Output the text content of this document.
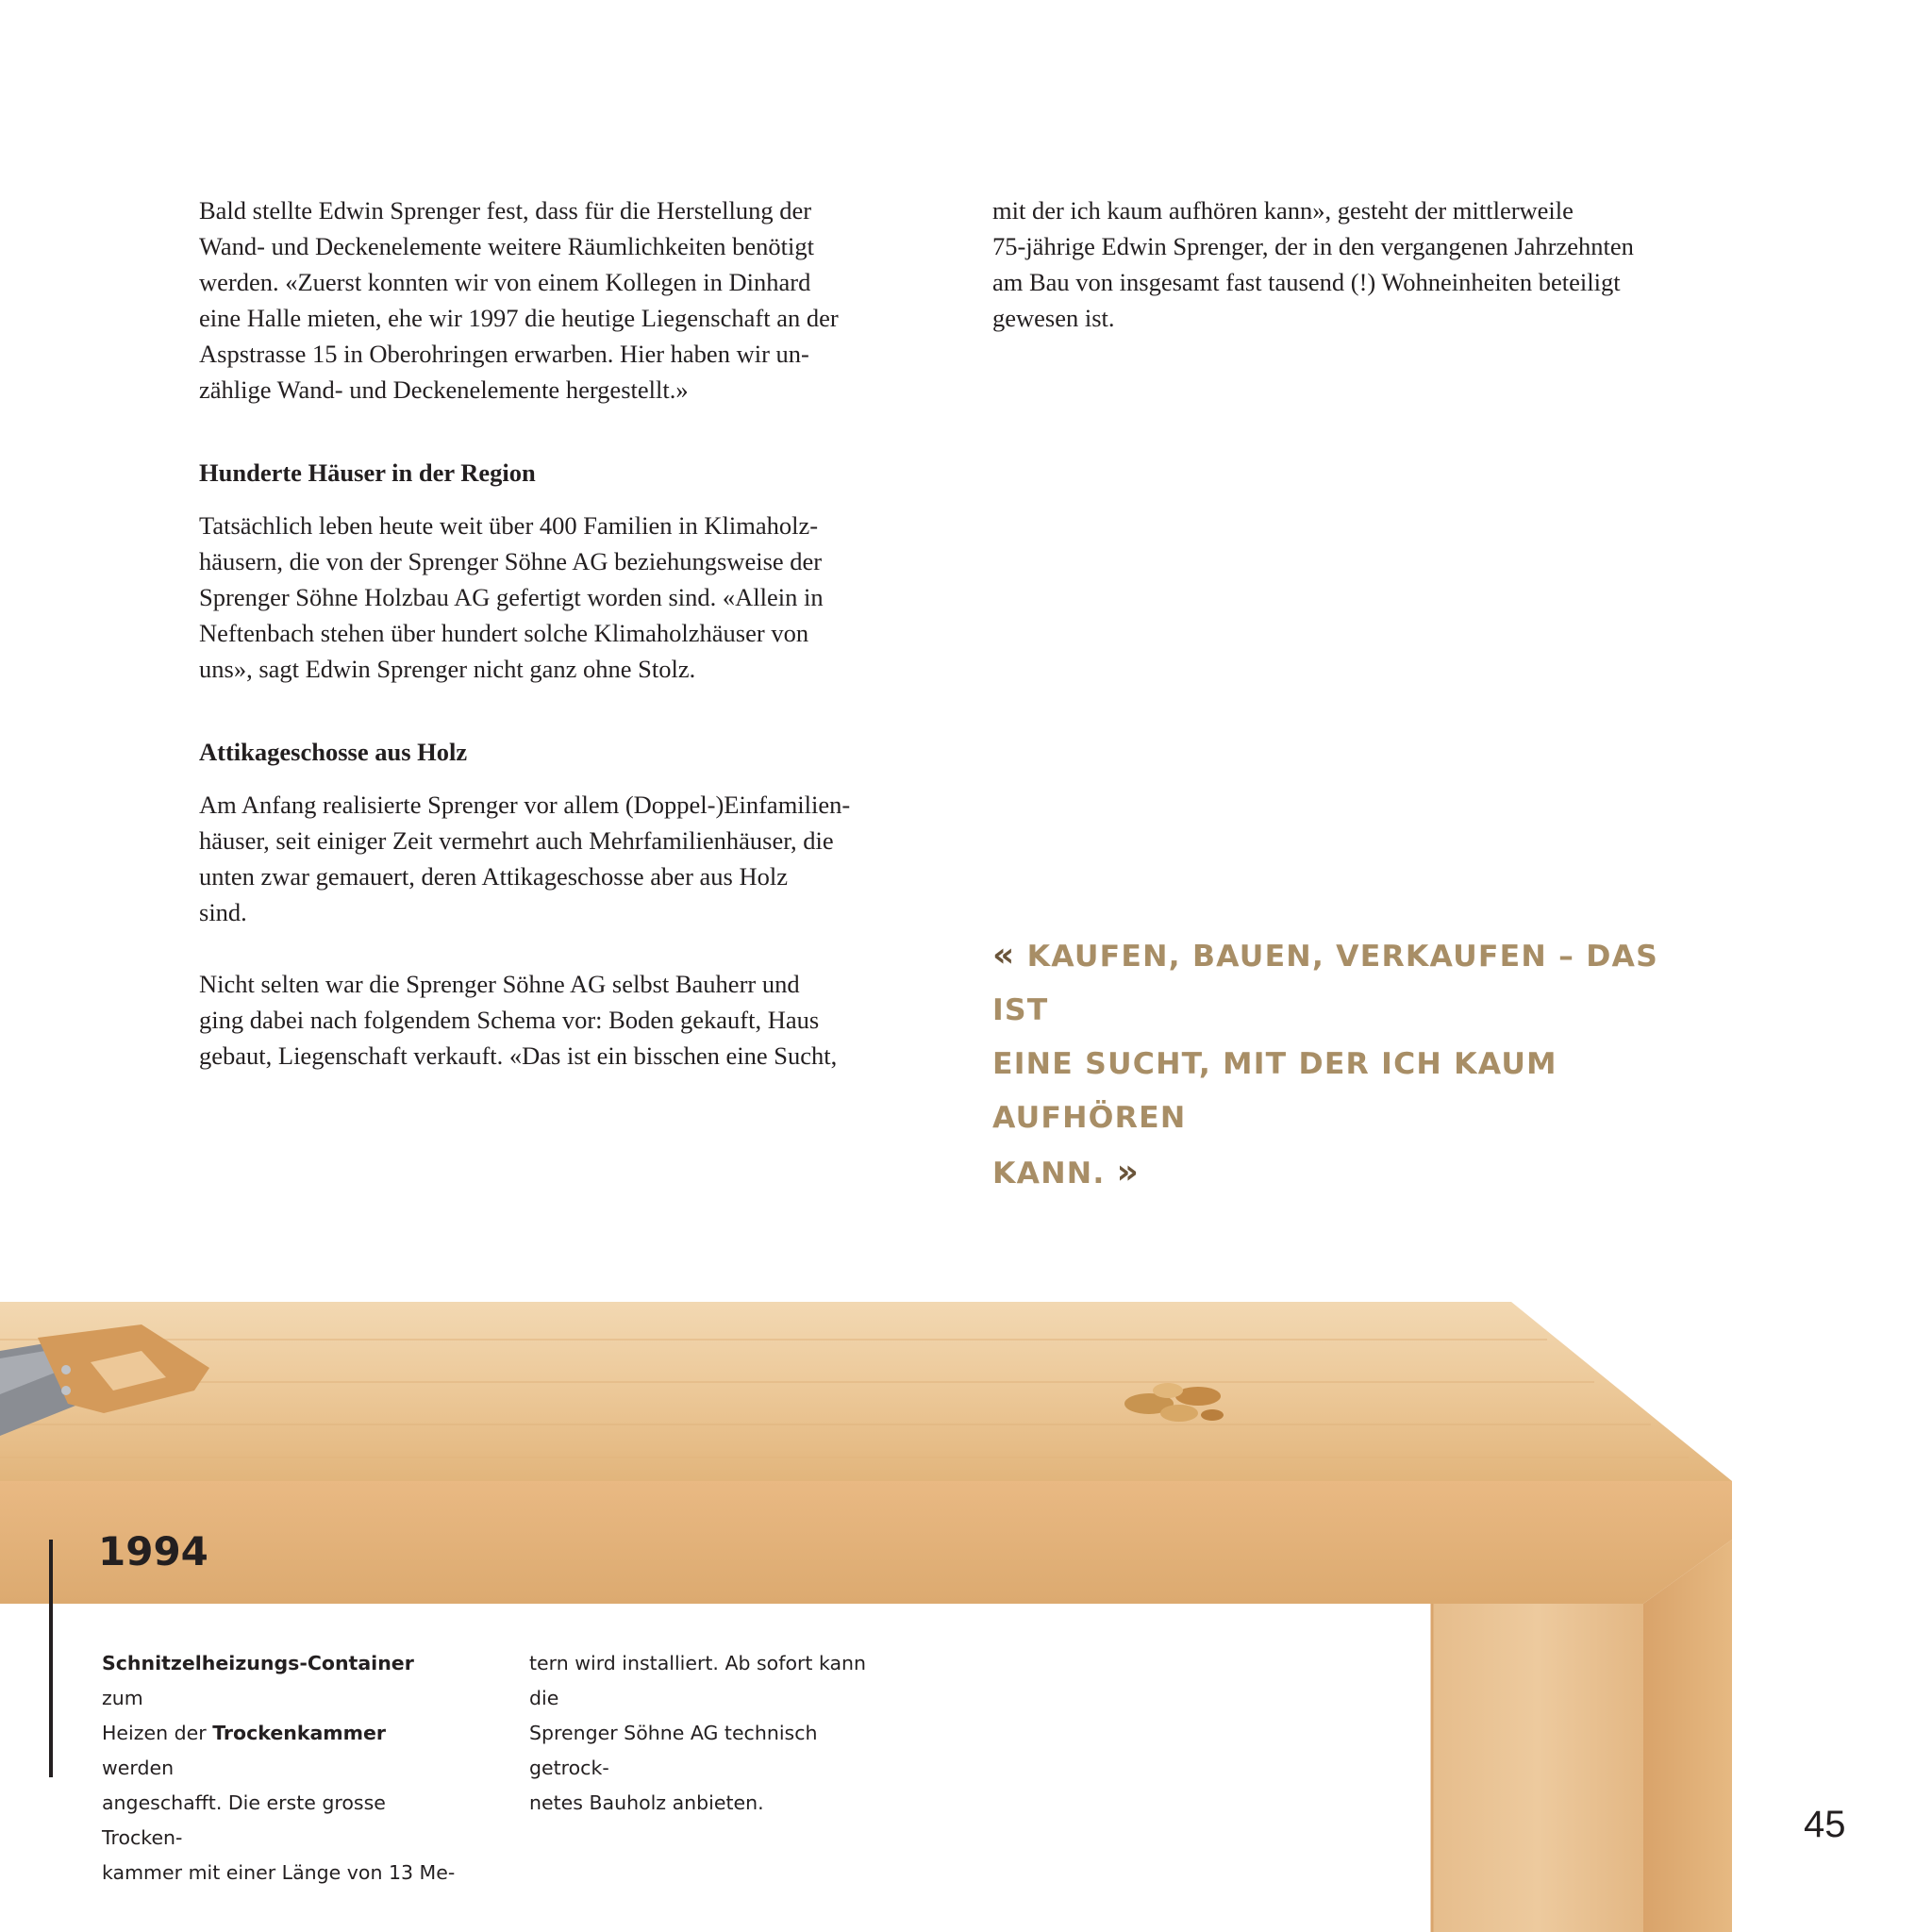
Bald stellte Edwin Sprenger fest, dass für die Herstellung der

Wand- und Deckenelemente weitere Räumlichkeiten benötigt

werden. «Zuerst konnten wir von einem Kollegen in Dinhard

eine Halle mieten, ehe wir 1997 die heutige Liegenschaft an der

Aspstrasse 15 in Oberohringen erwarben. Hier haben wir un-

zählige Wand- und Deckenelemente hergestellt.»

Hunderte Häuser in der Region

Tatsächlich leben heute weit über 400 Familien in Klimaholz-

häusern, die von der Sprenger Söhne AG beziehungsweise der

Sprenger Söhne Holzbau AG gefertigt worden sind. «Allein in

Neftenbach stehen über hundert solche Klimaholzhäuser von

uns», sagt Edwin Sprenger nicht ganz ohne Stolz.

Attikageschosse aus Holz

Am Anfang realisierte Sprenger vor allem (Doppel-)Einfamilien-

häuser, seit einiger Zeit vermehrt auch Mehrfamilienhäuser, die

unten zwar gemauert, deren Attikageschosse aber aus Holz

sind.

Nicht selten war die Sprenger Söhne AG selbst Bauherr und

ging dabei nach folgendem Schema vor: Boden gekauft, Haus

gebaut, Liegenschaft verkauft. «Das ist ein bisschen eine Sucht,

mit der ich kaum aufhören kann», gesteht der mittlerweile

75-jährige Edwin Sprenger, der in den vergangenen Jahrzehnten

am Bau von insgesamt fast tausend (!) Wohneinheiten beteiligt

gewesen ist.

« KAUFEN, BAUEN, VERKAUFEN – DAS IST
EINE SUCHT, MIT DER ICH KAUM AUFHÖREN
KANN. »
1994
Schnitzelheizungs-Container zum
Heizen der Trockenkammer werden
angeschafft. Die erste grosse Trocken-
kammer mit einer Länge von 13 Me-
tern wird installiert. Ab sofort kann die
Sprenger Söhne AG technisch getrock-
netes Bauholz anbieten.
45
